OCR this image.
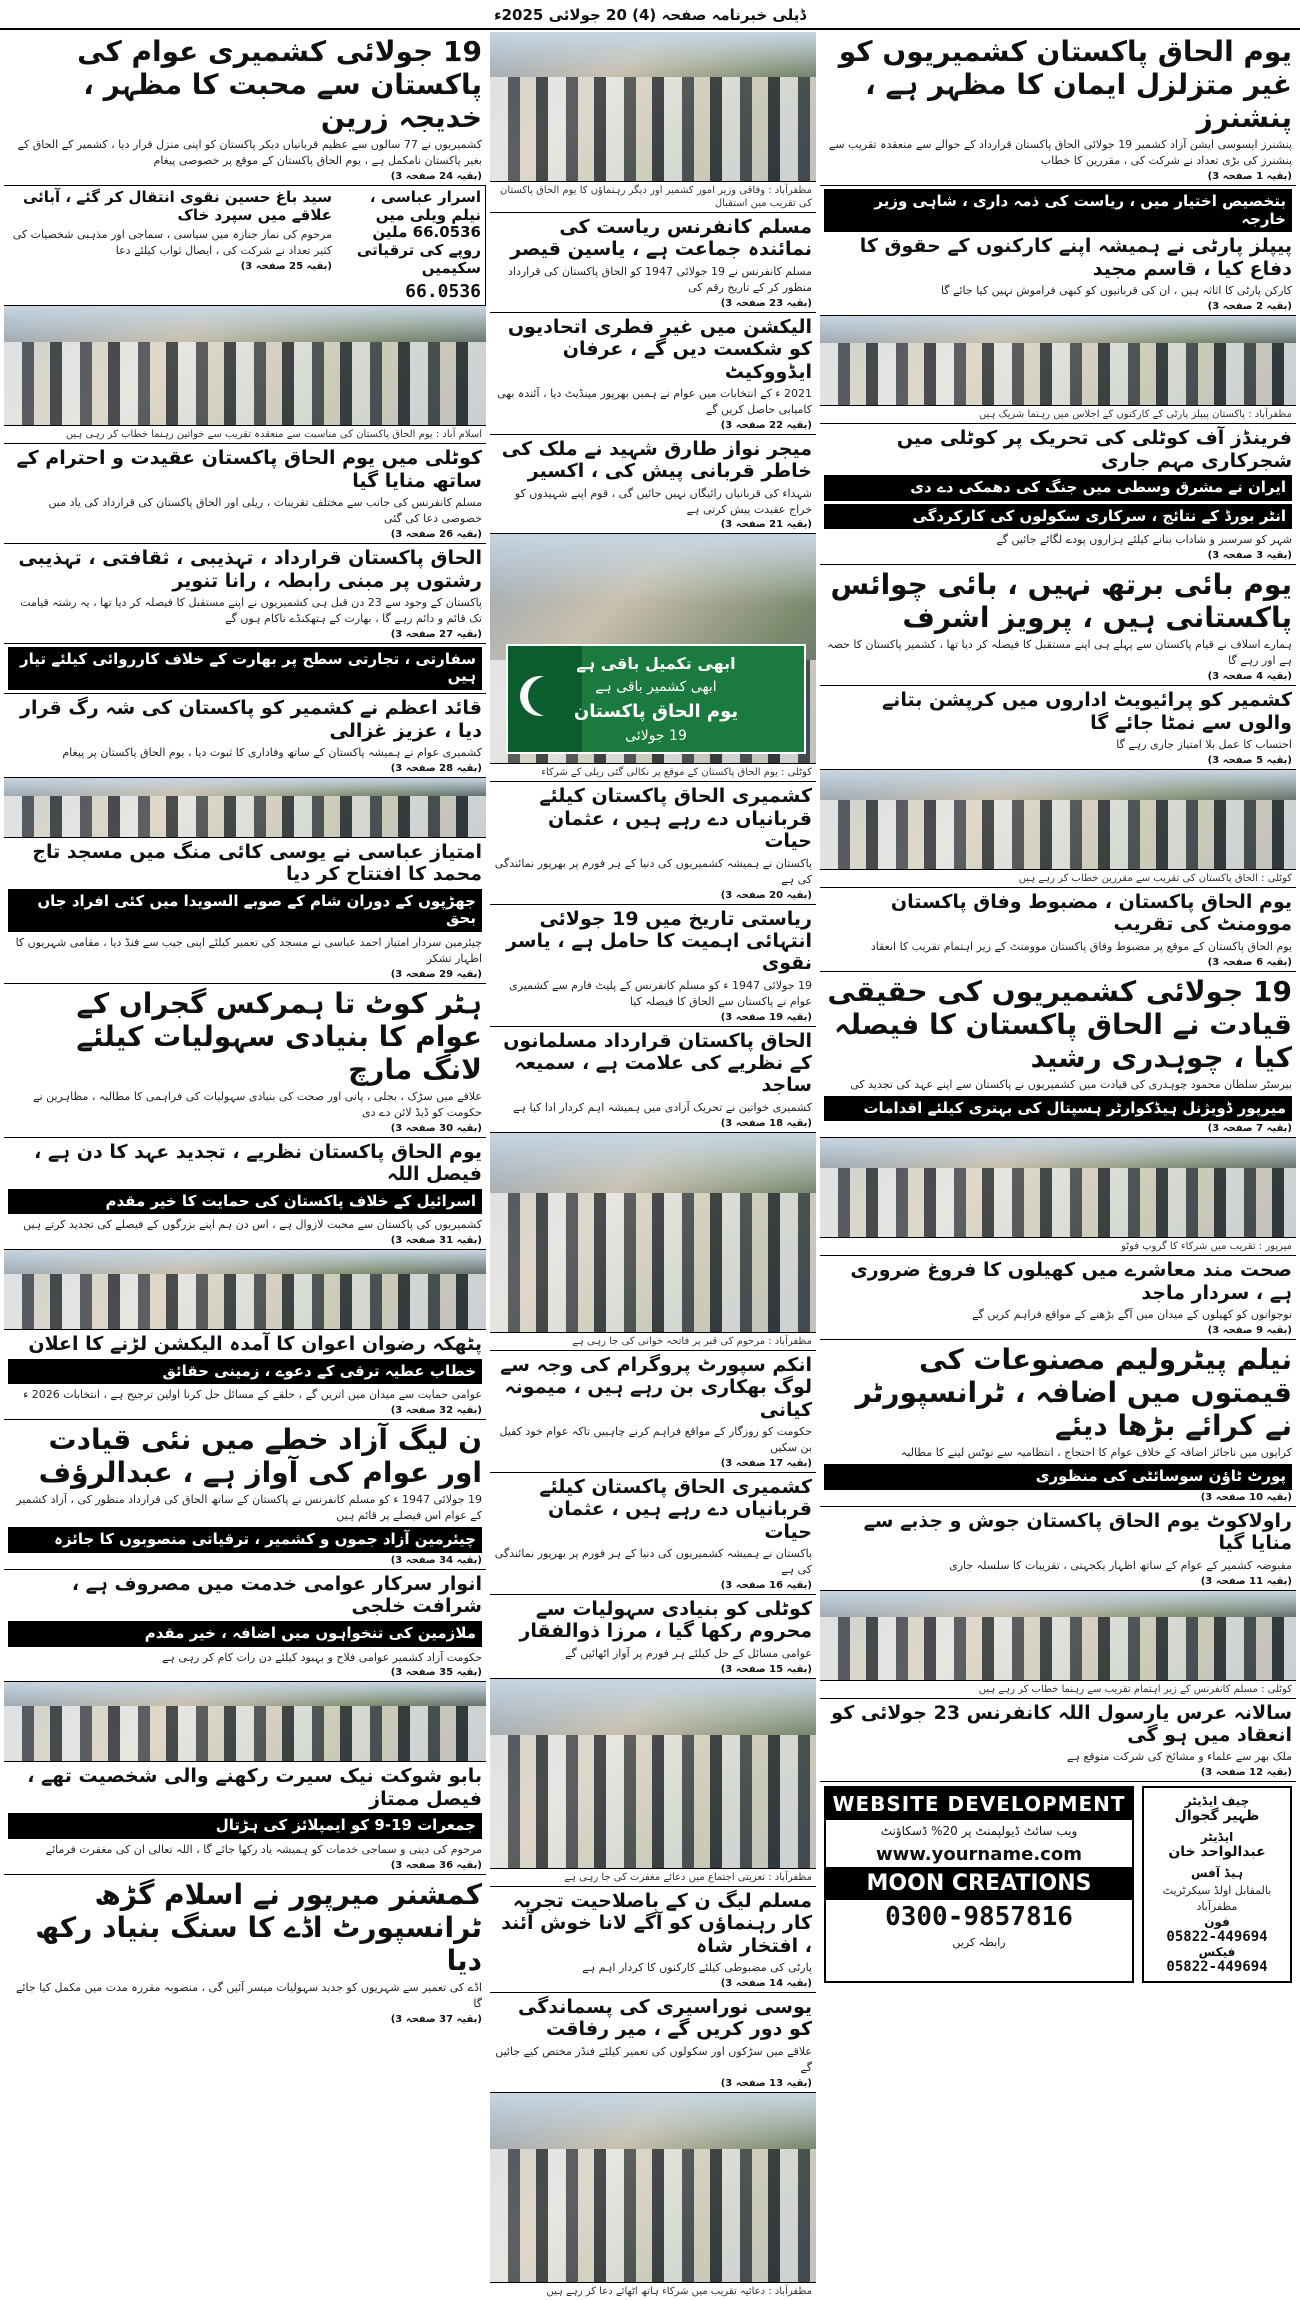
ڈیلی خبرنامہ صفحہ (4) 20 جولائی 2025ء
19 جولائی کشمیری عوام کی پاکستان سے محبت کا مظہر ، خدیجہ زرین
کشمیریوں نے 77 سالوں سے عظیم قربانیاں دیکر پاکستان کو اپنی منزل قرار دیا ، کشمیر کے الحاق کے بغیر پاکستان نامکمل ہے ، یوم الحاق پاکستان کے موقع پر خصوصی پیغام
(بقیہ 24 صفحہ 3)
سید باغ حسین نقوی انتقال کر گئے ، آبائی علاقے میں سپرد خاک
مرحوم کی نماز جنازہ میں سیاسی ، سماجی اور مذہبی شخصیات کی کثیر تعداد نے شرکت کی ، ایصال ثواب کیلئے دعا
(بقیہ 25 صفحہ 3)
اسرار عباسی ، نیلم ویلی میں 66.0536 ملین روپے کی ترقیاتی سکیمیں
66.0536
اسلام آباد : یوم الحاق پاکستان کی مناسبت سے منعقدہ تقریب سے خواتین رہنما خطاب کر رہی ہیں
کوٹلی میں یوم الحاق پاکستان عقیدت و احترام کے ساتھ منایا گیا
مسلم کانفرنس کی جانب سے مختلف تقریبات ، ریلی اور الحاق پاکستان کی قرارداد کی یاد میں خصوصی دعا کی گئی
(بقیہ 26 صفحہ 3)
الحاق پاکستان قرارداد ، تہذیبی ، ثقافتی ، تہذیبی رشتوں پر مبنی رابطہ ، رانا تنویر
پاکستان کے وجود سے 23 دن قبل ہی کشمیریوں نے اپنے مستقبل کا فیصلہ کر دیا تھا ، یہ رشتہ قیامت تک قائم و دائم رہے گا ، بھارت کے ہتھکنڈے ناکام ہوں گے
(بقیہ 27 صفحہ 3)
سفارتی ، تجارتی سطح پر بھارت کے خلاف کارروائی کیلئے تیار ہیں
قائد اعظم نے کشمیر کو پاکستان کی شہ رگ قرار دیا ، عزیز غزالی
کشمیری عوام نے ہمیشہ پاکستان کے ساتھ وفاداری کا ثبوت دیا ، یوم الحاق پاکستان پر پیغام
(بقیہ 28 صفحہ 3)
امتیاز عباسی نے یوسی کائی منگ میں مسجد تاج محمد کا افتتاح کر دیا
جھڑپوں کے دوران شام کے صوبے السویدا میں کئی افراد جاں بحق
چیئرمین سردار امتیاز احمد عباسی نے مسجد کی تعمیر کیلئے اپنی جیب سے فنڈ دیا ، مقامی شہریوں کا اظہار تشکر
(بقیہ 29 صفحہ 3)
ہٹر کوٹ تا ہمرکس گجراں کے عوام کا بنیادی سہولیات کیلئے لانگ مارچ
علاقے میں سڑک ، بجلی ، پانی اور صحت کی بنیادی سہولیات کی فراہمی کا مطالبہ ، مظاہرین نے حکومت کو ڈیڈ لائن دے دی
(بقیہ 30 صفحہ 3)
یوم الحاق پاکستان نظریے ، تجدید عہد کا دن ہے ، فیصل اللہ
اسرائیل کے خلاف پاکستان کی حمایت کا خیر مقدم
کشمیریوں کی پاکستان سے محبت لازوال ہے ، اس دن ہم اپنے بزرگوں کے فیصلے کی تجدید کرتے ہیں
(بقیہ 31 صفحہ 3)
پٹھکہ رضوان اعوان کا آمدہ الیکشن لڑنے کا اعلان
خطاب عطیہ ترقی کے دعوے ، زمینی حقائق
عوامی حمایت سے میدان میں اتریں گے ، حلقے کے مسائل حل کرنا اولین ترجیح ہے ، انتخابات 2026 ء
(بقیہ 32 صفحہ 3)
ن لیگ آزاد خطے میں نئی قیادت اور عوام کی آواز ہے ، عبدالرؤف
19 جولائی 1947 ء کو مسلم کانفرنس نے پاکستان کے ساتھ الحاق کی قرارداد منظور کی ، آزاد کشمیر کے عوام اس فیصلے پر قائم ہیں
چیئرمین آزاد جموں و کشمیر ، ترقیاتی منصوبوں کا جائزہ
(بقیہ 34 صفحہ 3)
انوار سرکار عوامی خدمت میں مصروف ہے ، شرافت خلجی
ملازمین کی تنخواہوں میں اضافہ ، خیر مقدم
حکومت آزاد کشمیر عوامی فلاح و بہبود کیلئے دن رات کام کر رہی ہے
(بقیہ 35 صفحہ 3)
بابو شوکت نیک سیرت رکھنے والی شخصیت تھے ، فیصل ممتاز
جمعرات 19-9 کو ایمپلائز کی ہڑتال
مرحوم کی دینی و سماجی خدمات کو ہمیشہ یاد رکھا جائے گا ، اللہ تعالی ان کی مغفرت فرمائے
(بقیہ 36 صفحہ 3)
کمشنر میرپور نے اسلام گڑھ ٹرانسپورٹ اڈے کا سنگ بنیاد رکھ دیا
اڈے کی تعمیر سے شہریوں کو جدید سہولیات میسر آئیں گی ، منصوبہ مقررہ مدت میں مکمل کیا جائے گا
(بقیہ 37 صفحہ 3)
مظفرآباد : وفاقی وزیر امور کشمیر اور دیگر رہنماؤں کا یوم الحاق پاکستان کی تقریب میں استقبال
مسلم کانفرنس ریاست کی نمائندہ جماعت ہے ، یاسین قیصر
مسلم کانفرنس نے 19 جولائی 1947 کو الحاق پاکستان کی قرارداد منظور کر کے تاریخ رقم کی
(بقیہ 23 صفحہ 3)
الیکشن میں غیر فطری اتحادیوں کو شکست دیں گے ، عرفان ایڈووکیٹ
2021 ء کے انتخابات میں عوام نے ہمیں بھرپور مینڈیٹ دیا ، آئندہ بھی کامیابی حاصل کریں گے
(بقیہ 22 صفحہ 3)
میجر نواز طارق شہید نے ملک کی خاطر قربانی پیش کی ، اکسیر
شہداء کی قربانیاں رائیگاں نہیں جائیں گی ، قوم اپنے شہیدوں کو خراج عقیدت پیش کرتی ہے
(بقیہ 21 صفحہ 3)
ابھی تکمیل باقی ہے
ابھی کشمیر باقی ہے
یوم الحاق پاکستان
19 جولائی
کوٹلی : یوم الحاق پاکستان کے موقع پر نکالی گئی ریلی کے شرکاء
کشمیری الحاق پاکستان کیلئے قربانیاں دے رہے ہیں ، عثمان حیات
پاکستان نے ہمیشہ کشمیریوں کی دنیا کے ہر فورم پر بھرپور نمائندگی کی ہے
(بقیہ 20 صفحہ 3)
ریاستی تاریخ میں 19 جولائی انتہائی اہمیت کا حامل ہے ، یاسر نقوی
19 جولائی 1947 ء کو مسلم کانفرنس کے پلیٹ فارم سے کشمیری عوام نے پاکستان سے الحاق کا فیصلہ کیا
(بقیہ 19 صفحہ 3)
الحاق پاکستان قرارداد مسلمانوں کے نظریے کی علامت ہے ، سمیعہ ساجد
کشمیری خواتین نے تحریک آزادی میں ہمیشہ اہم کردار ادا کیا ہے
(بقیہ 18 صفحہ 3)
مظفرآباد : مرحوم کی قبر پر فاتحہ خوانی کی جا رہی ہے
انکم سپورٹ پروگرام کی وجہ سے لوگ بھکاری بن رہے ہیں ، میمونہ کیانی
حکومت کو روزگار کے مواقع فراہم کرنے چاہییں تاکہ عوام خود کفیل بن سکیں
(بقیہ 17 صفحہ 3)
کشمیری الحاق پاکستان کیلئے قربانیاں دے رہے ہیں ، عثمان حیات
پاکستان نے ہمیشہ کشمیریوں کی دنیا کے ہر فورم پر بھرپور نمائندگی کی ہے
(بقیہ 16 صفحہ 3)
کوٹلی کو بنیادی سہولیات سے محروم رکھا گیا ، مرزا ذوالفقار
عوامی مسائل کے حل کیلئے ہر فورم پر آواز اٹھائیں گے
(بقیہ 15 صفحہ 3)
مظفرآباد : تعزیتی اجتماع میں دعائے مغفرت کی جا رہی ہے
مسلم لیگ ن کے باصلاحیت تجربہ کار رہنماؤں کو آگے لانا خوش آئند ، افتخار شاہ
پارٹی کی مضبوطی کیلئے کارکنوں کا کردار اہم ہے
(بقیہ 14 صفحہ 3)
یوسی نوراسیری کی پسماندگی کو دور کریں گے ، میر رفاقت
علاقے میں سڑکوں اور سکولوں کی تعمیر کیلئے فنڈز مختص کیے جائیں گے
(بقیہ 13 صفحہ 3)
مظفرآباد : دعائیہ تقریب میں شرکاء ہاتھ اٹھائے دعا کر رہے ہیں
یوم الحاق پاکستان کشمیریوں کو غیر متزلزل ایمان کا مظہر ہے ، پنشنرز
پنشنرز ایسوسی ایشن آزاد کشمیر 19 جولائی الحاق پاکستان قرارداد کے حوالے سے منعقدہ تقریب سے پنشنرز کی بڑی تعداد نے شرکت کی ، مقررین کا خطاب
(بقیہ 1 صفحہ 3)
بتخصیص اختیار میں ، ریاست کی ذمہ داری ، شاہی وزیر خارجہ
پیپلز پارٹی نے ہمیشہ اپنے کارکنوں کے حقوق کا دفاع کیا ، قاسم مجید
کارکن پارٹی کا اثاثہ ہیں ، ان کی قربانیوں کو کبھی فراموش نہیں کیا جائے گا
(بقیہ 2 صفحہ 3)
مظفرآباد : پاکستان پیپلز پارٹی کے کارکنوں کے اجلاس میں رہنما شریک ہیں
فرینڈز آف کوٹلی کی تحریک پر کوٹلی میں شجرکاری مہم جاری
ایران نے مشرق وسطی میں جنگ کی دھمکی دے دی
انٹر بورڈ کے نتائج ، سرکاری سکولوں کی کارکردگی
شہر کو سرسبز و شاداب بنانے کیلئے ہزاروں پودے لگائے جائیں گے
(بقیہ 3 صفحہ 3)
یوم بائی برتھ نہیں ، بائی چوائس پاکستانی ہیں ، پرویز اشرف
ہمارے اسلاف نے قیام پاکستان سے پہلے ہی اپنے مستقبل کا فیصلہ کر دیا تھا ، کشمیر پاکستان کا حصہ ہے اور رہے گا
(بقیہ 4 صفحہ 3)
کشمیر کو پرائیویٹ اداروں میں کرپشن بتانے والوں سے نمٹا جائے گا
احتساب کا عمل بلا امتیاز جاری رہے گا
(بقیہ 5 صفحہ 3)
کوٹلی : الحاق پاکستان کی تقریب سے مقررین خطاب کر رہے ہیں
یوم الحاق پاکستان ، مضبوط وفاق پاکستان موومنٹ کی تقریب
یوم الحاق پاکستان کے موقع پر مضبوط وفاق پاکستان موومنٹ کے زیر اہتمام تقریب کا انعقاد
(بقیہ 6 صفحہ 3)
19 جولائی کشمیریوں کی حقیقی قیادت نے الحاق پاکستان کا فیصلہ کیا ، چوہدری رشید
بیرسٹر سلطان محمود چوہدری کی قیادت میں کشمیریوں نے پاکستان سے اپنے عہد کی تجدید کی
میرپور ڈویژنل ہیڈکوارٹر ہسپتال کی بہتری کیلئے اقدامات
(بقیہ 7 صفحہ 3)
میرپور : تقریب میں شرکاء کا گروپ فوٹو
صحت مند معاشرے میں کھیلوں کا فروغ ضروری ہے ، سردار ماجد
نوجوانوں کو کھیلوں کے میدان میں آگے بڑھنے کے مواقع فراہم کریں گے
(بقیہ 9 صفحہ 3)
نیلم پیٹرولیم مصنوعات کی قیمتوں میں اضافہ ، ٹرانسپورٹر نے کرائے بڑھا دیئے
کرایوں میں ناجائز اضافہ کے خلاف عوام کا احتجاج ، انتظامیہ سے نوٹس لینے کا مطالبہ
پورٹ ٹاؤن سوسائٹی کی منظوری
(بقیہ 10 صفحہ 3)
راولاکوٹ یوم الحاق پاکستان جوش و جذبے سے منایا گیا
مقبوضہ کشمیر کے عوام کے ساتھ اظہار یکجہتی ، تقریبات کا سلسلہ جاری
(بقیہ 11 صفحہ 3)
کوٹلی : مسلم کانفرنس کے زیر اہتمام تقریب سے رہنما خطاب کر رہے ہیں
سالانہ عرس یارسول اللہ کانفرنس 23 جولائی کو انعقاد میں ہو گی
ملک بھر سے علماء و مشائخ کی شرکت متوقع ہے
(بقیہ 12 صفحہ 3)
WEBSITE DEVELOPMENT
ویب سائٹ ڈیولپمنٹ پر 20% ڈسکاؤنٹ
www.yourname.com
MOON CREATIONS
0300-9857816
رابطہ کریں
چیف ایڈیٹر
ظہیر گجوال
ایڈیٹر
عبدالواحد خان
ہیڈ آفس
بالمقابل اولڈ سیکرٹریٹ مظفرآباد
فون
05822-449694
فیکس
05822-449694
